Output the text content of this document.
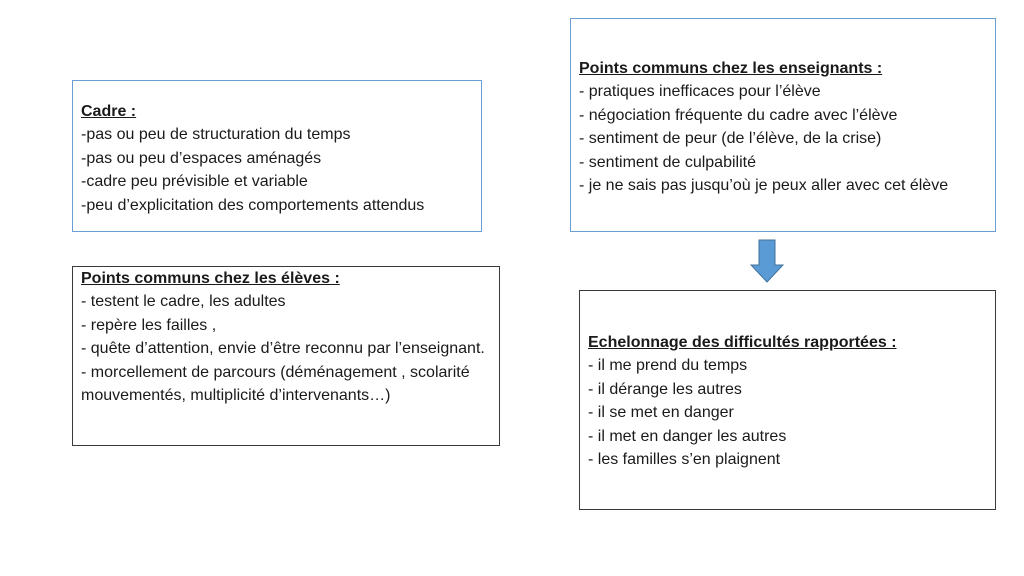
Points communs chez les enseignants :
- pratiques inefficaces pour l’élève
- négociation fréquente du cadre avec l’élève
- sentiment de peur (de l’élève, de la crise)
- sentiment de culpabilité
- je ne sais pas jusqu’où je peux aller avec cet élève
Cadre :
-pas ou peu de structuration du temps
-pas ou peu d’espaces aménagés
-cadre peu prévisible et variable
-peu d’explicitation des comportements attendus
Points communs chez les élèves :
- testent le cadre, les adultes
- repère les failles ,
- quête d’attention, envie d’être reconnu par l’enseignant.
- morcellement de parcours (déménagement , scolarité mouvementés, multiplicité d’intervenants…)
Echelonnage des difficultés rapportées :
- il me prend du temps
- il dérange les autres
- il se met en danger
- il met en danger les autres
- les familles s’en plaignent
